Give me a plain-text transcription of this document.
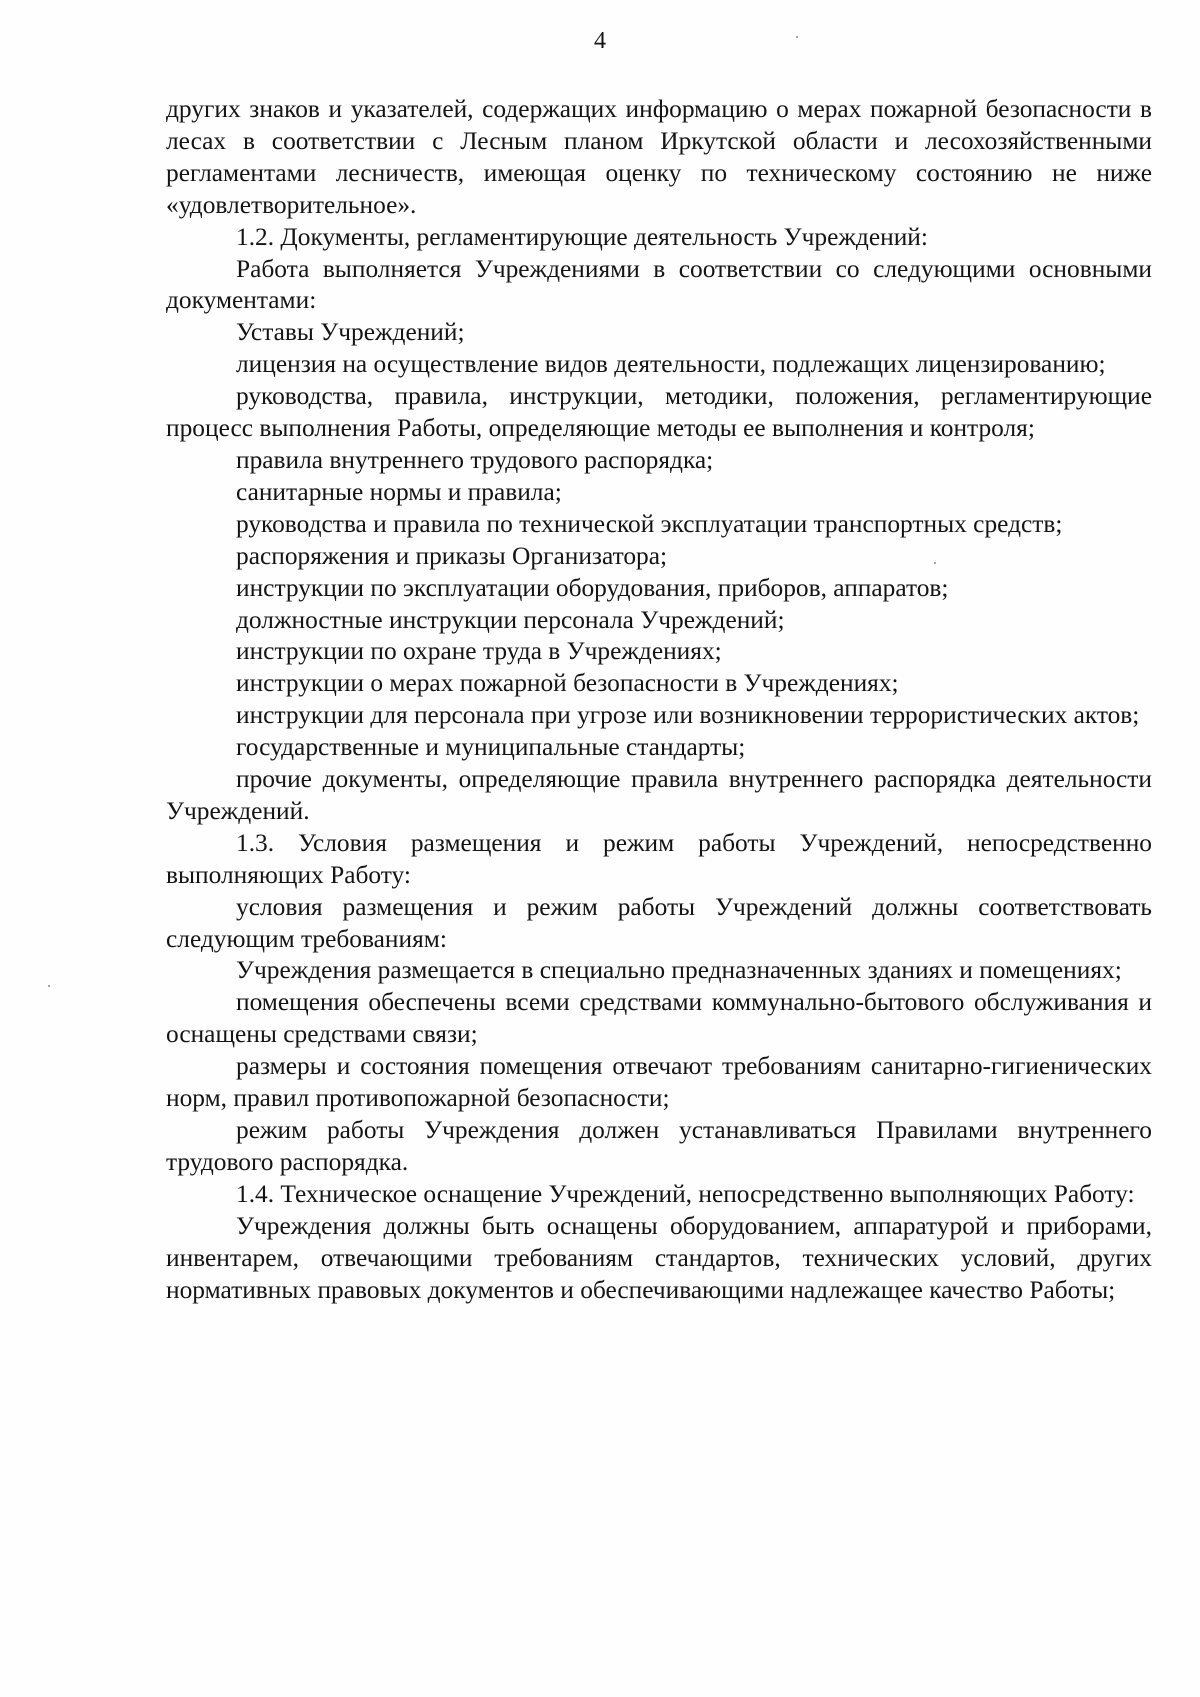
4

других знаков и указателей, содержащих информацию о мерах пожарной безопасности в лесах в соответствии с Лесным планом Иркутской области и лесохозяйственными регламентами лесничеств, имеющая оценку по техническому состоянию не ниже «удовлетворительное».

1.2. Документы, регламентирующие деятельность Учреждений:

Работа выполняется Учреждениями в соответствии со следующими основными документами:

Уставы Учреждений;

лицензия на осуществление видов деятельности, подлежащих лицензированию;

руководства, правила, инструкции, методики, положения, регламентирующие процесс выполнения Работы, определяющие методы ее выполнения и контроля;

правила внутреннего трудового распорядка;

санитарные нормы и правила;

руководства и правила по технической эксплуатации транспортных средств;

распоряжения и приказы Организатора;

инструкции по эксплуатации оборудования, приборов, аппаратов;

должностные инструкции персонала Учреждений;

инструкции по охране труда в Учреждениях;

инструкции о мерах пожарной безопасности в Учреждениях;

инструкции для персонала при угрозе или возникновении террористических актов;

государственные и муниципальные стандарты;

прочие документы, определяющие правила внутреннего распорядка деятельности Учреждений.

1.3. Условия размещения и режим работы Учреждений, непосредственно выполняющих Работу:

условия размещения и режим работы Учреждений должны соответствовать следующим требованиям:

Учреждения размещается в специально предназначенных зданиях и помещениях;

помещения обеспечены всеми средствами коммунально-бытового обслуживания и оснащены средствами связи;

размеры и состояния помещения отвечают требованиям санитарно-гигиенических норм, правил противопожарной безопасности;

режим работы Учреждения должен устанавливаться Правилами внутреннего трудового распорядка.

1.4. Техническое оснащение Учреждений, непосредственно выполняющих Работу:

Учреждения должны быть оснащены оборудованием, аппаратурой и приборами, инвентарем, отвечающими требованиям стандартов, технических условий, других нормативных правовых документов и обеспечивающими надлежащее качество Работы;
